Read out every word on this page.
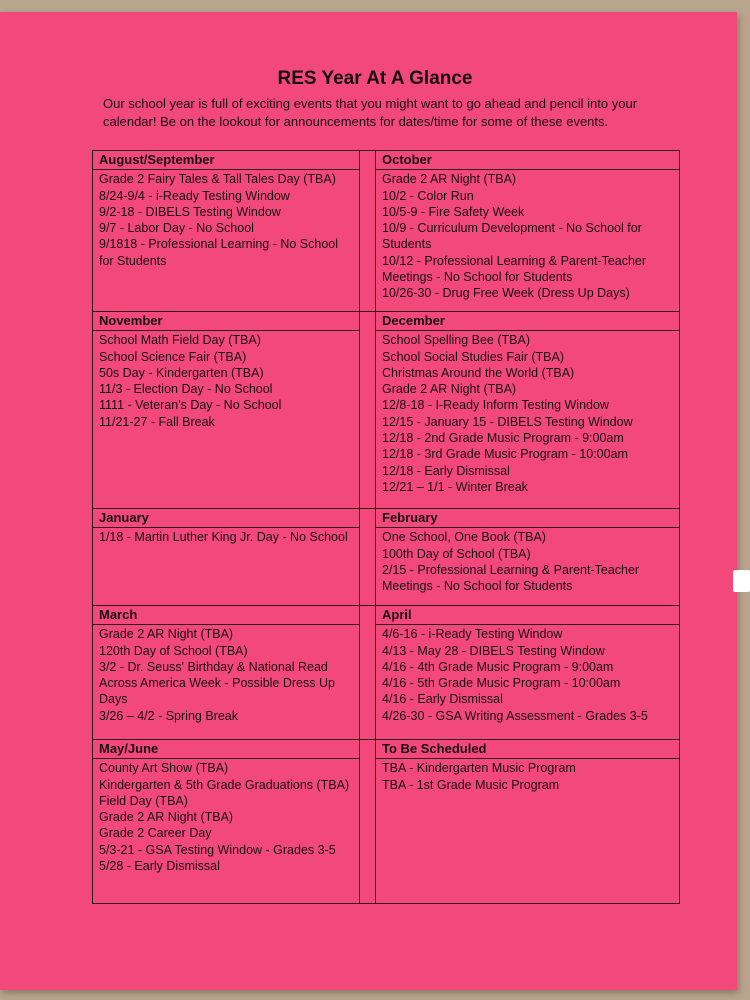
RES Year At A Glance
Our school year is full of exciting events that you might want to go ahead and pencil into your calendar! Be on the lookout for announcements for dates/time for some of these events.
August/September
Grade 2 Fairy Tales & Tall Tales Day (TBA)
8/24-9/4 - i-Ready Testing Window
9/2-18 - DIBELS Testing Window
9/7 - Labor Day - No School
9/1818 - Professional Learning - No School for Students
October
Grade 2 AR Night (TBA)
10/2 - Color Run
10/5-9 - Fire Safety Week
10/9 - Curriculum Development - No School for Students
10/12 - Professional Learning & Parent-Teacher Meetings - No School for Students
10/26-30 - Drug Free Week (Dress Up Days)
November
School Math Field Day (TBA)
School Science Fair (TBA)
50s Day - Kindergarten (TBA)
11/3 - Election Day - No School
1111 - Veteran's Day - No School
11/21-27 - Fall Break
December
School Spelling Bee (TBA)
School Social Studies Fair (TBA)
Christmas Around the World (TBA)
Grade 2 AR Night (TBA)
12/8-18 - I-Ready Inform Testing Window
12/15 - January 15 - DIBELS Testing Window
12/18 - 2nd Grade Music Program - 9:00am
12/18 - 3rd Grade Music Program - 10:00am
12/18 - Early Dismissal
12/21 – 1/1 - Winter Break
January
1/18 - Martin Luther King Jr. Day - No School
February
One School, One Book (TBA)
100th Day of School (TBA)
2/15 - Professional Learning & Parent-Teacher Meetings - No School for Students
March
Grade 2 AR Night (TBA)
120th Day of School (TBA)
3/2 - Dr. Seuss' Birthday & National Read Across America Week - Possible Dress Up Days
3/26 – 4/2 - Spring Break
April
4/6-16 - i-Ready Testing Window
4/13 - May 28 - DIBELS Testing Window
4/16 - 4th Grade Music Program - 9:00am
4/16 - 5th Grade Music Program - 10:00am
4/16 - Early Dismissal
4/26-30 - GSA Writing Assessment - Grades 3-5
May/June
County Art Show (TBA)
Kindergarten & 5th Grade Graduations (TBA)
Field Day (TBA)
Grade 2 AR Night (TBA)
Grade 2 Career Day
5/3-21 - GSA Testing Window - Grades 3-5
5/28 - Early Dismissal
To Be Scheduled
TBA - Kindergarten Music Program
TBA - 1st Grade Music Program
